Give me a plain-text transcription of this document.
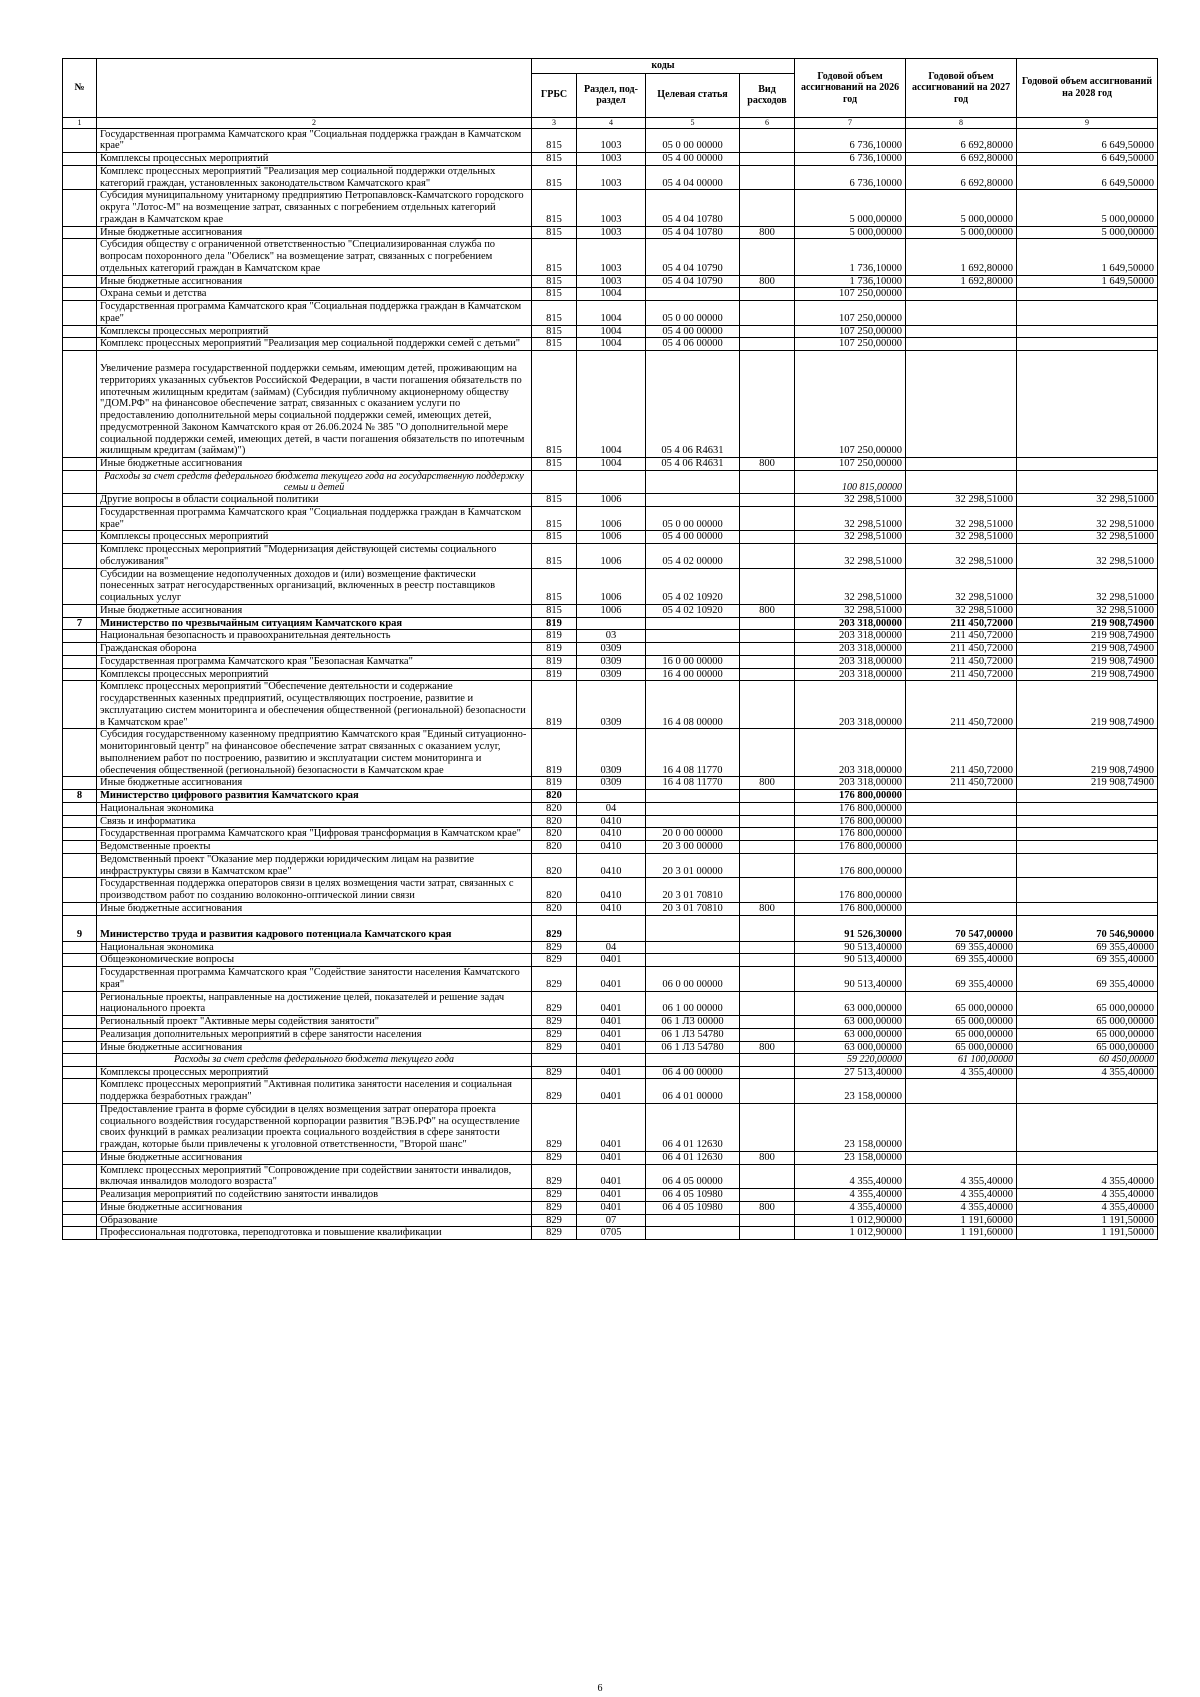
№		коды				Годовой объем ассигнований на 2026 год	Годовой объем ассигнований на 2027 год	Годовой объем ассигнований на 2028 год
		ГРБС	Раздел, под-раздел	Целевая статья	Вид расходов			
1	2	3	4	5	6	7	8	9
	Государственная программа Камчатского края "Социальная поддержка граждан в Камчатском крае"	815	1003	05 0 00 00000		6 736,10000	6 692,80000	6 649,50000
	Комплексы процессных мероприятий	815	1003	05 4 00 00000		6 736,10000	6 692,80000	6 649,50000
	Комплекс процессных мероприятий "Реализация мер социальной поддержки отдельных категорий граждан, установленных законодательством Камчатского края"	815	1003	05 4 04 00000		6 736,10000	6 692,80000	6 649,50000
	Субсидия муниципальному унитарному предприятию Петропавловск-Камчатского городского округа "Лотос-М" на возмещение затрат, связанных с погребением отдельных категорий граждан в Камчатском крае	815	1003	05 4 04 10780		5 000,00000	5 000,00000	5 000,00000
	Иные бюджетные ассигнования	815	1003	05 4 04 10780	800	5 000,00000	5 000,00000	5 000,00000
	Субсидия обществу с ограниченной ответственностью "Специализированная служба по вопросам похоронного дела "Обелиск" на возмещение затрат, связанных с погребением отдельных категорий граждан в Камчатском крае	815	1003	05 4 04 10790		1 736,10000	1 692,80000	1 649,50000
	Иные бюджетные ассигнования	815	1003	05 4 04 10790	800	1 736,10000	1 692,80000	1 649,50000
	Охрана семьи и детства	815	1004			107 250,00000		
	Государственная программа Камчатского края "Социальная поддержка граждан в Камчатском крае"	815	1004	05 0 00 00000		107 250,00000		
	Комплексы процессных мероприятий	815	1004	05 4 00 00000		107 250,00000		
	Комплекс процессных мероприятий "Реализация мер социальной поддержки семей с детьми"	815	1004	05 4 06 00000		107 250,00000		
	Увеличение размера государственной поддержки семьям, имеющим детей, проживающим на территориях указанных субъектов Российской Федерации, в части погашения обязательств по ипотечным жилищным кредитам (займам) (Субсидия публичному акционерному обществу "ДОМ.РФ" на финансовое обеспечение затрат, связанных с оказанием услуги по предоставлению дополнительной меры социальной поддержки семей, имеющих детей, предусмотренной Законом Камчатского края от 26.06.2024 № 385 "О дополнительной мере социальной поддержки семей, имеющих детей, в части погашения обязательств по ипотечным жилищным кредитам (займам)")	815	1004	05 4 06 R4631		107 250,00000		
	Иные бюджетные ассигнования	815	1004	05 4 06 R4631	800	107 250,00000		
	Расходы за счет средств федерального бюджета текущего года на государственную поддержку семьи и детей					100 815,00000		
	Другие вопросы в области социальной политики	815	1006			32 298,51000	32 298,51000	32 298,51000
	Государственная программа Камчатского края "Социальная поддержка граждан в Камчатском крае"	815	1006	05 0 00 00000		32 298,51000	32 298,51000	32 298,51000
	Комплексы процессных мероприятий	815	1006	05 4 00 00000		32 298,51000	32 298,51000	32 298,51000
	Комплекс процессных мероприятий "Модернизация действующей системы социального обслуживания"	815	1006	05 4 02 00000		32 298,51000	32 298,51000	32 298,51000
	Субсидии на возмещение недополученных доходов и (или) возмещение фактически понесенных затрат негосударственных организаций, включенных в реестр поставщиков социальных услуг	815	1006	05 4 02 10920		32 298,51000	32 298,51000	32 298,51000
	Иные бюджетные ассигнования	815	1006	05 4 02 10920	800	32 298,51000	32 298,51000	32 298,51000
7	Министерство по чрезвычайным ситуациям Камчатского края	819				203 318,00000	211 450,72000	219 908,74900
	Национальная безопасность и правоохранительная деятельность	819	03			203 318,00000	211 450,72000	219 908,74900
	Гражданская оборона	819	0309			203 318,00000	211 450,72000	219 908,74900
	Государственная программа Камчатского края "Безопасная Камчатка"	819	0309	16 0 00 00000		203 318,00000	211 450,72000	219 908,74900
	Комплексы процессных мероприятий	819	0309	16 4 00 00000		203 318,00000	211 450,72000	219 908,74900
	Комплекс процессных мероприятий "Обеспечение деятельности и содержание государственных казенных предприятий, осуществляющих построение, развитие и эксплуатацию систем мониторинга и обеспечения общественной (региональной) безопасности в Камчатском крае"	819	0309	16 4 08 00000		203 318,00000	211 450,72000	219 908,74900
	Субсидия государственному казенному предприятию Камчатского края "Единый ситуационно-мониторинговый центр" на финансовое обеспечение затрат связанных с оказанием услуг, выполнением работ по построению, развитию и эксплуатации систем мониторинга и обеспечения общественной (региональной) безопасности в Камчатском крае	819	0309	16 4 08 11770		203 318,00000	211 450,72000	219 908,74900
	Иные бюджетные ассигнования	819	0309	16 4 08 11770	800	203 318,00000	211 450,72000	219 908,74900
8	Министерство цифрового развития Камчатского края	820				176 800,00000		
	Национальная экономика	820	04			176 800,00000		
	Связь и информатика	820	0410			176 800,00000		
	Государственная программа Камчатского края "Цифровая трансформация в Камчатском крае"	820	0410	20 0 00 00000		176 800,00000		
	Ведомственные проекты	820	0410	20 3 00 00000		176 800,00000		
	Ведомственный проект "Оказание мер поддержки юридическим лицам на развитие инфраструктуры связи в Камчатском крае"	820	0410	20 3 01 00000		176 800,00000		
	Государственная поддержка операторов связи в целях возмещения части затрат, связанных с производством работ по созданию волоконно-оптической линии связи	820	0410	20 3 01 70810		176 800,00000		
	Иные бюджетные ассигнования	820	0410	20 3 01 70810	800	176 800,00000		
9	Министерство труда и развития кадрового потенциала Камчатского края	829				91 526,30000	70 547,00000	70 546,90000
	Национальная экономика	829	04			90 513,40000	69 355,40000	69 355,40000
	Общеэкономические вопросы	829	0401			90 513,40000	69 355,40000	69 355,40000
	Государственная программа Камчатского края "Содействие занятости населения Камчатского края"	829	0401	06 0 00 00000		90 513,40000	69 355,40000	69 355,40000
	Региональные проекты, направленные на достижение целей, показателей и решение задач национального проекта	829	0401	06 1 00 00000		63 000,00000	65 000,00000	65 000,00000
	Региональный проект "Активные меры содействия занятости"	829	0401	06 1 Л3 00000		63 000,00000	65 000,00000	65 000,00000
	Реализация дополнительных мероприятий в сфере занятости населения	829	0401	06 1 Л3 54780		63 000,00000	65 000,00000	65 000,00000
	Иные бюджетные ассигнования	829	0401	06 1 Л3 54780	800	63 000,00000	65 000,00000	65 000,00000
	Расходы за счет средств федерального бюджета текущего года					59 220,00000	61 100,00000	60 450,00000
	Комплексы процессных мероприятий	829	0401	06 4 00 00000		27 513,40000	4 355,40000	4 355,40000
	Комплекс процессных мероприятий "Активная политика занятости населения и социальная поддержка безработных граждан"	829	0401	06 4 01 00000		23 158,00000		
	Предоставление гранта в форме субсидии в целях возмещения затрат оператора проекта социального воздействия государственной корпорации развития "ВЭБ.РФ" на осуществление своих функций в рамках реализации проекта социального воздействия в сфере занятости граждан, которые были привлечены к уголовной ответственности, "Второй шанс"	829	0401	06 4 01 12630		23 158,00000		
	Иные бюджетные ассигнования	829	0401	06 4 01 12630	800	23 158,00000		
	Комплекс процессных мероприятий "Сопровождение при содействии занятости инвалидов, включая инвалидов молодого возраста"	829	0401	06 4 05 00000		4 355,40000	4 355,40000	4 355,40000
	Реализация мероприятий по содействию занятости инвалидов	829	0401	06 4 05 10980		4 355,40000	4 355,40000	4 355,40000
	Иные бюджетные ассигнования	829	0401	06 4 05 10980	800	4 355,40000	4 355,40000	4 355,40000
	Образование	829	07			1 012,90000	1 191,60000	1 191,50000
	Профессиональная подготовка, переподготовка и повышение квалификации	829	0705			1 012,90000	1 191,60000	1 191,50000
6
